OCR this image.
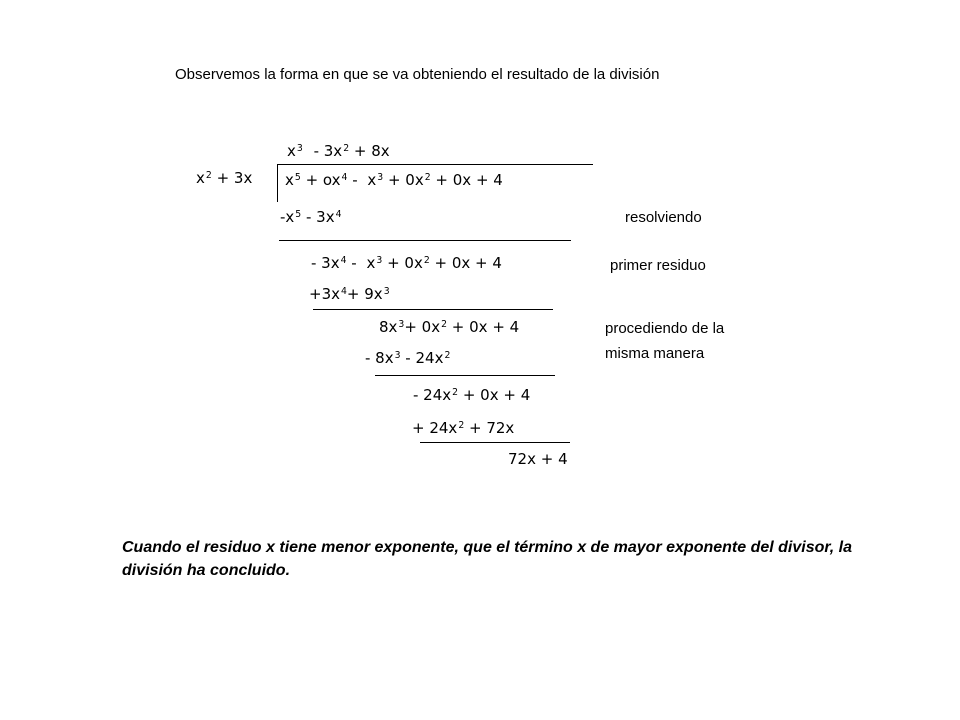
Observemos la forma en que se va obteniendo el resultado de la división
$x^2 + 3x$
$x^3 - 3x^2 + 8x$
$x^5 + ox^4 - x^3 + 0x^2 + 0x + 4$
$-x^5 - 3x^4$	resolviendo
- $3x^4 - x^3 + 0x^2 + 0x + 4$	primer residuo
$+3x^4+ 9x^3$
$8x^3+ 0x^2 + 0x + 4$	procediendo de la
misma manera
- $8x^3 - 24x^2$
- $24x^2 + 0x + 4$
+ $24x^2 + 72x$
72x + 4
Cuando el residuo x tiene menor exponente, que el término x de mayor exponente del divisor, la división ha concluido.
